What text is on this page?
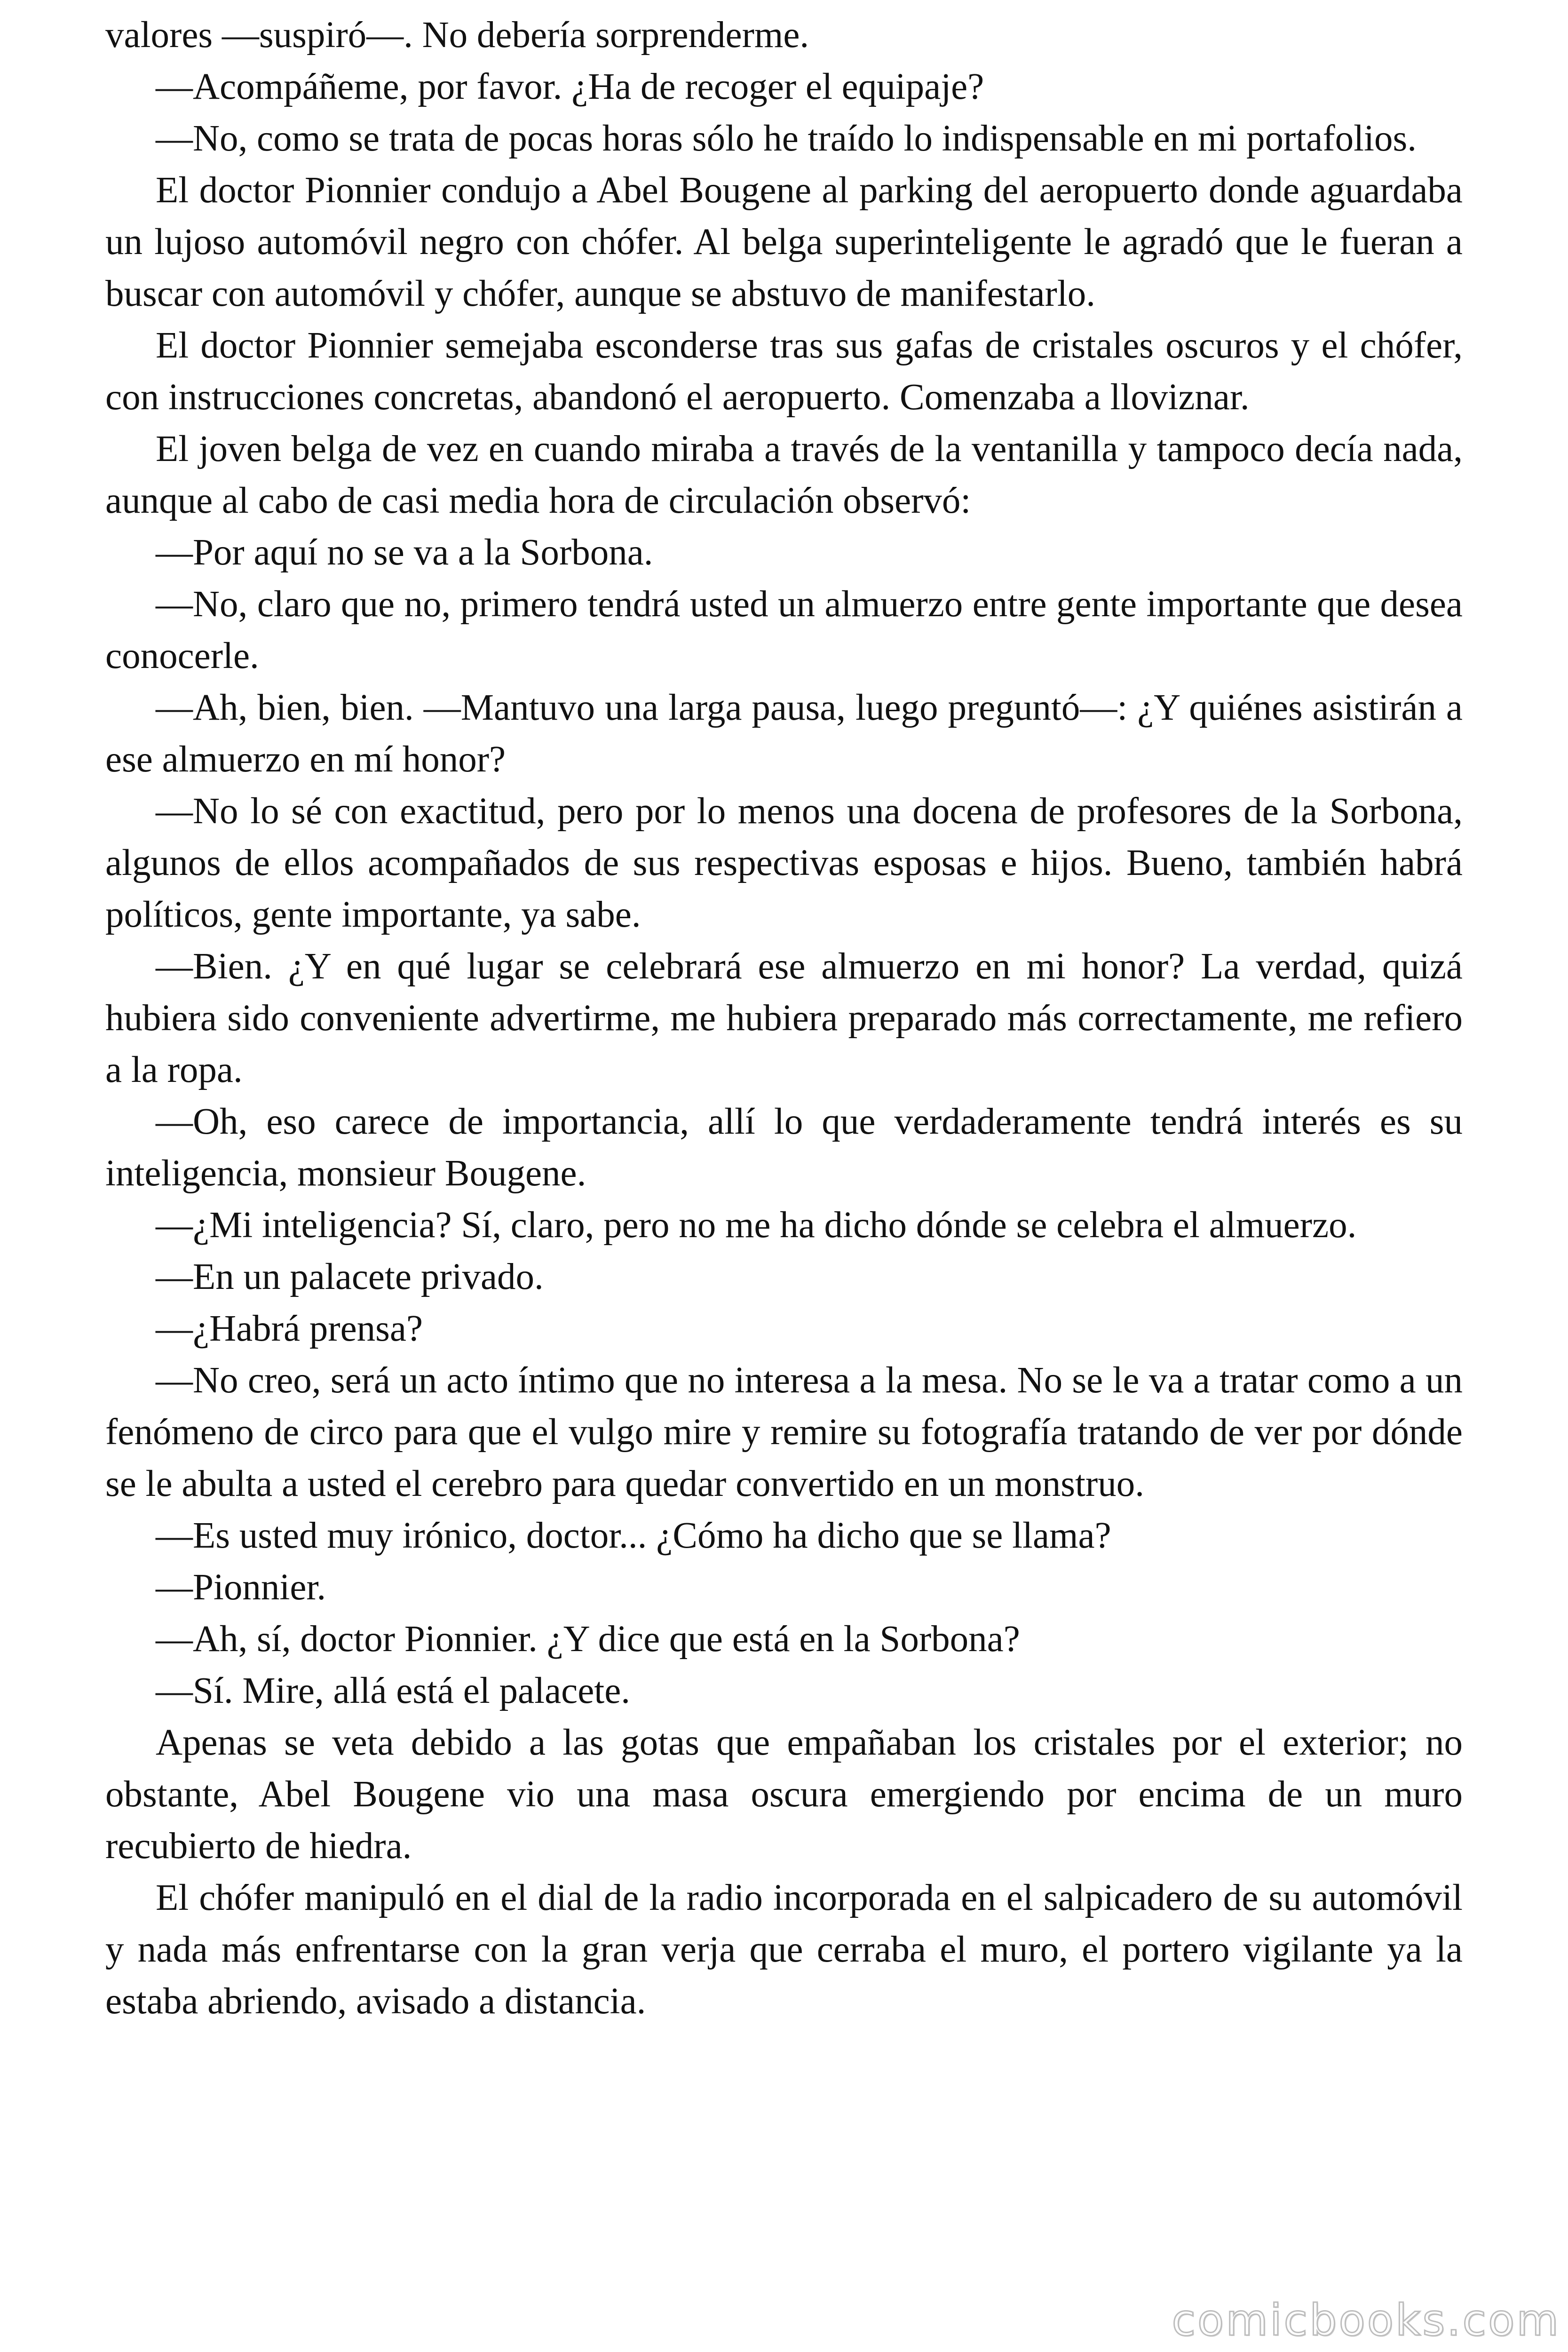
valores —suspiró—. No debería sorprenderme.

—Acompáñeme, por favor. ¿Ha de recoger el equipaje?

—No, como se trata de pocas horas sólo he traído lo indispensable en mi portafolios.

El doctor Pionnier condujo a Abel Bougene al parking del aeropuerto donde aguardaba un lujoso automóvil negro con chófer. Al belga superinteligente le agradó que le fueran a buscar con automóvil y chófer, aunque se abstuvo de manifestarlo.

El doctor Pionnier semejaba esconderse tras sus gafas de cristales oscuros y el chófer, con instrucciones concretas, abandonó el aeropuerto. Comenzaba a lloviznar.

El joven belga de vez en cuando miraba a través de la ventanilla y tampoco decía nada, aunque al cabo de casi media hora de circulación observó:

—Por aquí no se va a la Sorbona.

—No, claro que no, primero tendrá usted un almuerzo entre gente importante que desea conocerle.

—Ah, bien, bien. —Mantuvo una larga pausa, luego preguntó—: ¿Y quiénes asistirán a ese almuerzo en mí honor?

—No lo sé con exactitud, pero por lo menos una docena de profesores de la Sorbona, algunos de ellos acompañados de sus respectivas esposas e hijos. Bueno, también habrá políticos, gente importante, ya sabe.

—Bien. ¿Y en qué lugar se celebrará ese almuerzo en mi honor? La verdad, quizá hubiera sido conveniente advertirme, me hubiera preparado más correctamente, me refiero a la ropa.

—Oh, eso carece de importancia, allí lo que verdaderamente tendrá interés es su inteligencia, monsieur Bougene.

—¿Mi inteligencia? Sí, claro, pero no me ha dicho dónde se celebra el almuerzo.

—En un palacete privado.

—¿Habrá prensa?

—No creo, será un acto íntimo que no interesa a la mesa. No se le va a tratar como a un fenómeno de circo para que el vulgo mire y remire su fotografía tratando de ver por dónde se le abulta a usted el cerebro para quedar convertido en un monstruo.

—Es usted muy irónico, doctor... ¿Cómo ha dicho que se llama?

—Pionnier.

—Ah, sí, doctor Pionnier. ¿Y dice que está en la Sorbona?

—Sí. Mire, allá está el palacete.

Apenas se veta debido a las gotas que empañaban los cristales por el exterior; no obstante, Abel Bougene vio una masa oscura emergiendo por encima de un muro recubierto de hiedra.

El chófer manipuló en el dial de la radio incorporada en el salpicadero de su automóvil y nada más enfrentarse con la gran verja que cerraba el muro, el portero vigilante ya la estaba abriendo, avisado a distancia.

comicbooks.com
